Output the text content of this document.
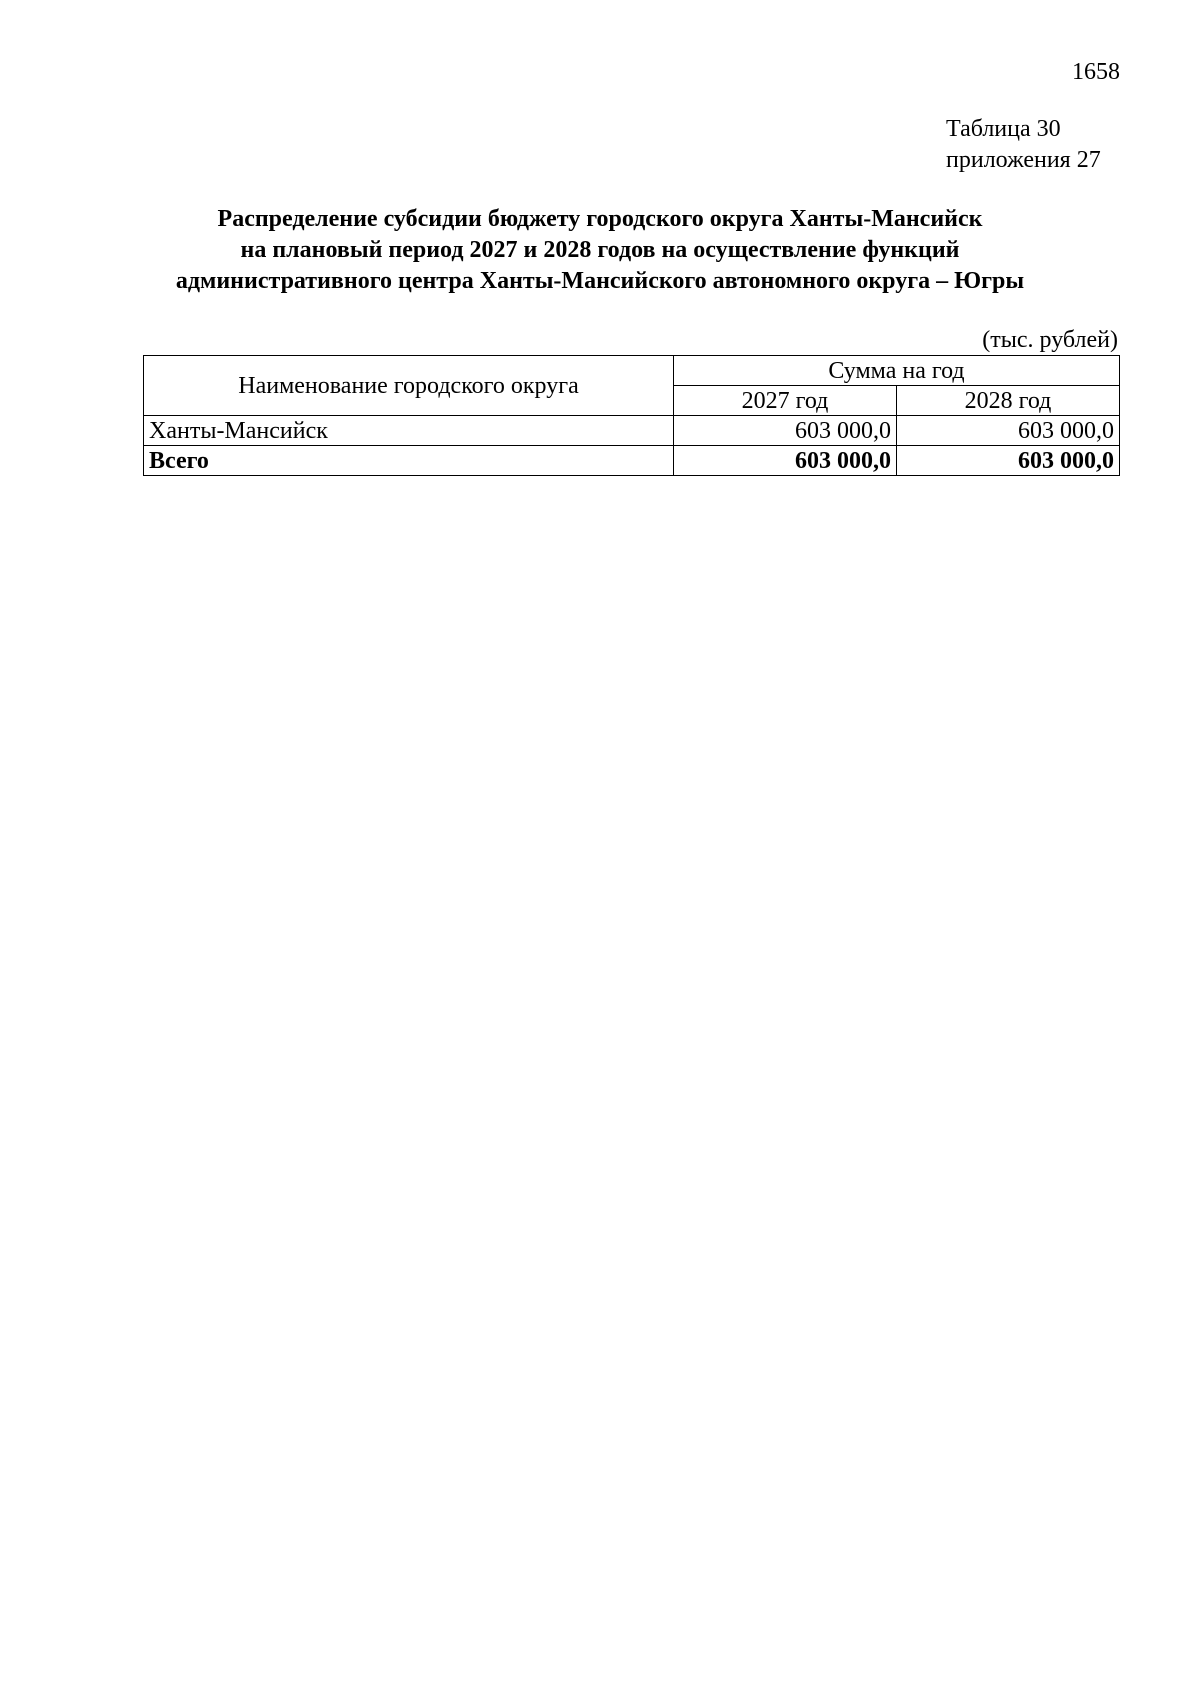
1658
Таблица 30
приложения 27
Распределение субсидии бюджету городского округа Ханты-Мансийск
на плановый период 2027 и 2028 годов на осуществление функций
административного центра Ханты-Мансийского автономного округа – Югры
(тыс. рублей)
Наименование городского округа	Сумма на год	
	2027 год	2028 год
Ханты-Мансийск	603 000,0	603 000,0
Всего	603 000,0	603 000,0
